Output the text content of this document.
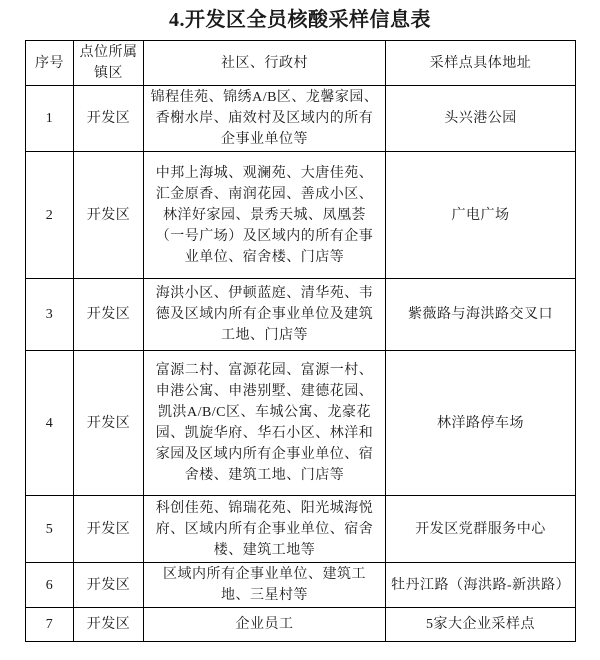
4.开发区全员核酸采样信息表
序号	点位所属镇区	社区、行政村	采样点具体地址
1	开发区	锦程佳苑、锦绣A/B区、龙馨家园、香榭水岸、庙效村及区域内的所有企事业单位等	头兴港公园
2	开发区	中邦上海城、观澜苑、大唐佳苑、汇金原香、南润花园、善成小区、林洋好家园、景秀天城、凤凰荟（一号广场）及区域内的所有企事业单位、宿舍楼、门店等	广电广场
3	开发区	海洪小区、伊顿蓝庭、清华苑、韦德及区域内所有企事业单位及建筑工地、门店等	紫薇路与海洪路交叉口
4	开发区	富源二村、富源花园、富源一村、申港公寓、申港别墅、建德花园、凯洪A/B/C区、车城公寓、龙豪花园、凯旋华府、华石小区、林洋和家园及区域内所有企事业单位、宿舍楼、建筑工地、门店等	林洋路停车场
5	开发区	科创佳苑、锦瑞花苑、阳光城海悦府、区域内所有企事业单位、宿舍楼、建筑工地等	开发区党群服务中心
6	开发区	区域内所有企事业单位、建筑工地、三星村等	牡丹江路（海洪路-新洪路）
7	开发区	企业员工	5家大企业采样点
